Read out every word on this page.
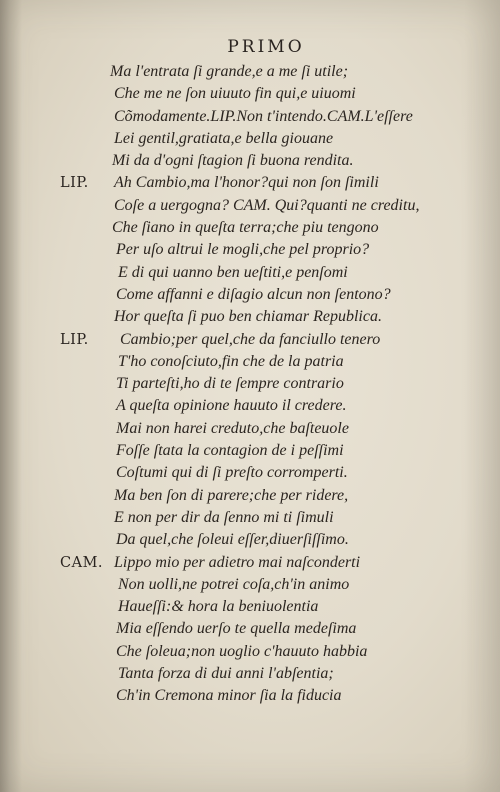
PRIMO
Ma l'entrata ſi grande,e a me ſi utile;
Che me ne ſon uiuuto fin qui,e uiuomi
Cõmodamente.LIP.Non t'intendo.CAM.L'eſſere
Lei gentil,gratiata,e bella giouane
Mi da d'ogni ſtagion ſi buona rendita.
LIP. Ah Cambio,ma l'honor?qui non ſon ſimili
Coſe a uergogna? CAM. Qui?quanti ne creditu,
Che ſiano in queſta terra;che piu tengono
Per uſo altrui le mogli,che pel proprio?
E di qui uanno ben ueſtiti,e penſomi
Come affanni e diſagio alcun non ſentono?
Hor queſta ſi puo ben chiamar Republica.
LIP. Cambio;per quel,che da fanciullo tenero
T'ho conoſciuto,fin che de la patria
Ti parteſti,ho di te ſempre contrario
A queſta opinione hauuto il credere.
Mai non harei creduto,che baſteuole
Foſſe ſtata la contagion de i peſſimi
Coſtumi qui di ſi preſto corromperti.
Ma ben ſon di parere;che per ridere,
E non per dir da ſenno mi ti ſimuli
Da quel,che ſoleui eſſer,diuerſiſſimo.
CAM. Lippo mio per adietro mai naſconderti
Non uolli,ne potrei coſa,ch'in animo
Haueſſi:& hora la beniuolentia
Mia eſſendo uerſo te quella medeſima
Che ſoleua;non uoglio c'hauuto habbia
Tanta forza di dui anni l'abſentia;
Ch'in Cremona minor ſia la fiducia
